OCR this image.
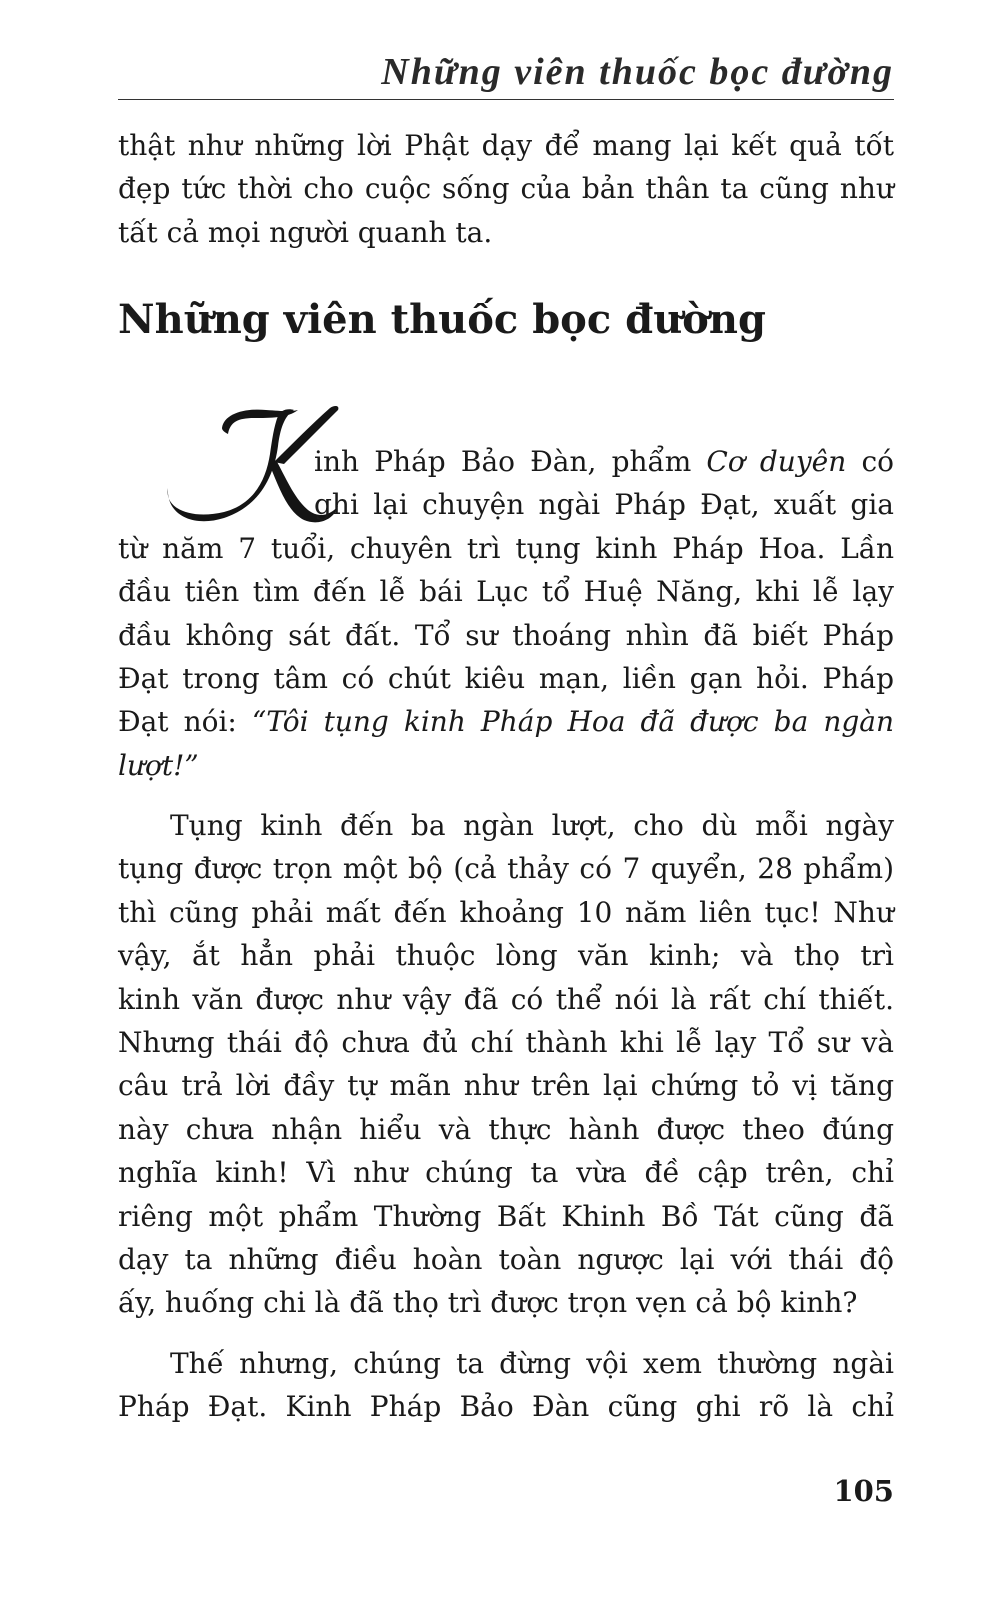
Những viên thuốc bọc đường
thật như những lời Phật dạy để mang lại kết quả tốt
đẹp tức thời cho cuộc sống của bản thân ta cũng như
tất cả mọi người quanh ta.
Những viên thuốc bọc đường
inh Pháp Bảo Đàn, phẩm Cơ duyên có
ghi lại chuyện ngài Pháp Đạt, xuất gia
từ năm 7 tuổi, chuyên trì tụng kinh Pháp Hoa. Lần
đầu tiên tìm đến lễ bái Lục tổ Huệ Năng, khi lễ lạy
đầu không sát đất. Tổ sư thoáng nhìn đã biết Pháp
Đạt trong tâm có chút kiêu mạn, liền gạn hỏi. Pháp
Đạt nói: “Tôi tụng kinh Pháp Hoa đã được ba ngàn
lượt!”
Tụng kinh đến ba ngàn lượt, cho dù mỗi ngày
tụng được trọn một bộ (cả thảy có 7 quyển, 28 phẩm)
thì cũng phải mất đến khoảng 10 năm liên tục! Như
vậy, ắt hẳn phải thuộc lòng văn kinh; và thọ trì
kinh văn được như vậy đã có thể nói là rất chí thiết.
Nhưng thái độ chưa đủ chí thành khi lễ lạy Tổ sư và
câu trả lời đầy tự mãn như trên lại chứng tỏ vị tăng
này chưa nhận hiểu và thực hành được theo đúng
nghĩa kinh! Vì như chúng ta vừa đề cập trên, chỉ
riêng một phẩm Thường Bất Khinh Bồ Tát cũng đã
dạy ta những điều hoàn toàn ngược lại với thái độ
ấy, huống chi là đã thọ trì được trọn vẹn cả bộ kinh?
Thế nhưng, chúng ta đừng vội xem thường ngài
Pháp Đạt. Kinh Pháp Bảo Đàn cũng ghi rõ là chỉ
105
